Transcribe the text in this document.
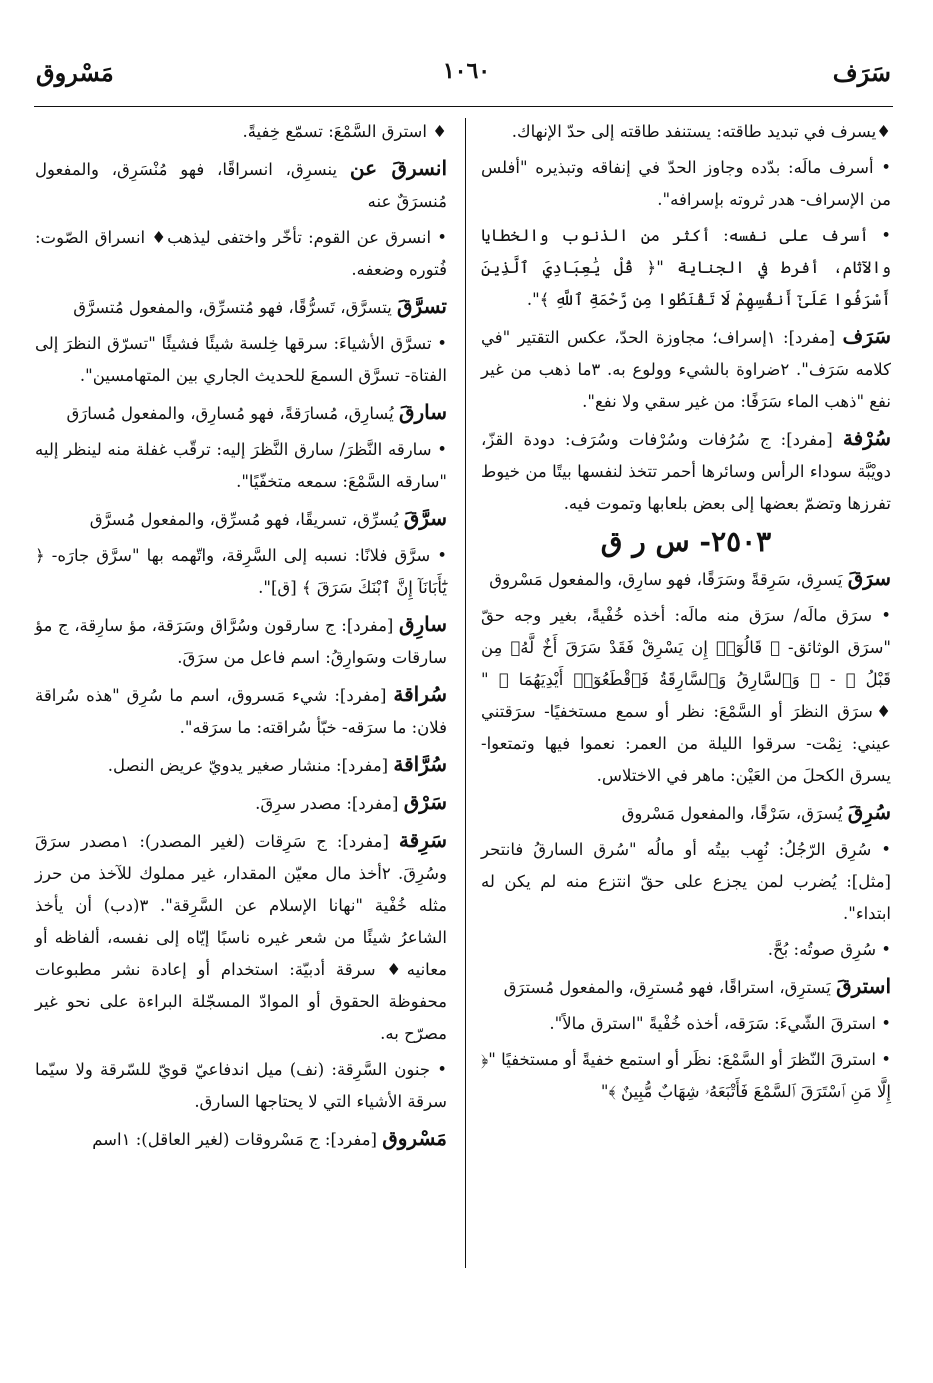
سَرَف
١٠٦٠
مَسْروق
♦يسرف في تبديد طاقته: يستنفد طاقته إلى حدّ الإنهاك.
• أسرف مالَه: بدّده وجاوز الحدّ في إنفاقه وتبذيره "أفلس من الإسراف- هدر ثروته بإسرافه".
• أسرف على نفسه: أكثر من الذنوب والخطايا والآثام، أفرط في الجناية "﴿ قُلْ يَٰعِبَادِيَ ٱلَّذِينَ أَسْرَفُوا عَلَىٰٓ أَنفُسِهِمْ لَا تَقْنَطُوا مِن رَّحْمَةِ ٱللَّهِ ﴾".
سَرَف [مفرد]: ١إسراف؛ مجاوزة الحدّ، عكس التقتير "في كلامه سَرَف". ٢ضراوة بالشيء وولوع به. ٣ما ذهب من غير نفع "ذهب الماء سَرَفًا: من غير سقي ولا نفع".
سُرْفة [مفرد]: ج سُرُفات وسُرْفات وسُرَف: دودة القزّ، دويْبَّة سوداء الرأس وسائرها أحمر تتخذ لنفسها بيتًا من خيوط تفرزها وتضمّ بعضها إلى بعض بلعابها وتموت فيه.
٢٥٠٣- س ر ق
سرَقَ يَسرِق، سَرِقةً وسَرَقًا، فهو سارِق، والمفعول مَسْروق
• سرَق مالَه/ سرَق منه مالَه: أخذه خُفْيةً، بغير وجه حقّ "سرَق الوثائق- ﴿ قَالُوٓا۟ إِن يَسْرِقْ فَقَدْ سَرَقَ أَخٌ لَّهُۥ مِن قَبْلُ ﴾ - ﴿ وَٱلسَّارِقُ وَٱلسَّارِقَةُ فَٱقْطَعُوٓا۟ أَيْدِيَهُمَا ﴾ " ♦سرَق النظرَ أو السَّمْعَ: نظر أو سمع مستخفيًا- سرَقتني عيني: نِمْت- سرقوا الليلة من العمر: نعموا فيها وتمتعوا- يسرق الكحلَ من العَيْن: ماهر في الاختلاس.
سُرِقَ يُسرَق، سَرْقًا، والمفعول مَسْروق
• سُرِق الرّجُلُ: نُهِب بيتُه أو مالُه "سُرق السارقُ فانتحر [مثل]: يُضرب لمن يجزع على حقّ انتزع منه لم يكن له ابتداء".
• سُرِق صوتُه: بُحَّ.
استرقَ يَسترِق، استراقًا، فهو مُسترِق، والمفعول مُسترَق
• استرقَ الشّيءَ: سَرَقه، أخذه خُفْيةً "استرق مالاً".
• استرقَ النّظرَ أو السَّمْعَ: نظَر أو استمع خفيةً أو مستخفيًا "﴿ إِلَّا مَنِ ٱسْتَرَقَ ٱلسَّمْعَ فَأَتْبَعَهُۥ شِهَابٌ مُّبِينٌ ﴾"
♦ استرق السَّمْعَ: تسمّع خِفيةً.
انسرقَ عن ينسرِق، انسراقًا، فهو مُنْسَرِق، والمفعول مُنسرَقٌ عنه
• انسرق عن القوم: تأخّر واختفى ليذهب♦ انسراق الصّوت: فُتوره وضعفه.
تسرَّقَ يتسرَّق، تَسرُّقًا، فهو مُتسرِّق، والمفعول مُتسرَّق
• تسرَّق الأشياءَ: سرقها خِلسة شيئًا فشيئًا "تسرّق النظرَ إلى الفتاة- تسرَّق السمعَ للحديث الجاري بين المتهامسين".
سارقَ يُسارِق، مُسارَقةً، فهو مُسارِق، والمفعول مُسارَق
• سارقه النَّظرَ/ سارق النَّظرَ إليه: ترقّب غفلة منه لينظر إليه "سارقه السَّمْعَ: سمعه متخفّيًا".
سرَّقَ يُسرِّق، تسريقًا، فهو مُسرِّق، والمفعول مُسرَّق
• سرَّق فلانًا: نسبه إلى السَّرِقة، واتّهمه بها "سرَّق جارَه- ﴿ يَٰٓأَبَانَآ إِنَّ ٱبْنَكَ سَرَقَ ﴾ [ق]".
سارِق [مفرد]: ج سارقون وسُرَّاق وسَرَقة، مؤ سارِقة، ج مؤ سارقات وسَوارِقُ: اسم فاعل من سرَقَ.
سُراقة [مفرد]: شيء مَسروق، اسم ما سُرِق "هذه سُراقة فلان: ما سرَقه- خبّأ سُراقته: ما سرَقه".
سُرَّاقة [مفرد]: منشار صغير يدويّ عريض النصل.
سَرْق [مفرد]: مصدر سرِقَ.
سَرِقة [مفرد]: ج سَرِقات (لغير المصدر): ١مصدر سرَقَ وسُرِقَ. ٢أخذ مال معيّن المقدار، غير مملوك للآخذ من حرز مثله خُفْية "نهانا الإسلام عن السَّرِقة". ٣(دب) أن يأخذ الشاعرُ شيئًا من شعر غيره ناسبًا إيّاه إلى نفسه، ألفاظه أو معانيه♦ سرقة أدبيّة: استخدام أو إعادة نشر مطبوعات محفوظة الحقوق أو الموادّ المسجّلة البراءة على نحو غير مصرّح به.
• جنون السَّرِقة: (نف) ميل اندفاعيّ قويّ للسّرقة ولا سيّما سرقة الأشياء التي لا يحتاجها السارق.
مَسْروق [مفرد]: ج مَسْروقات (لغير العاقل): ١اسم
